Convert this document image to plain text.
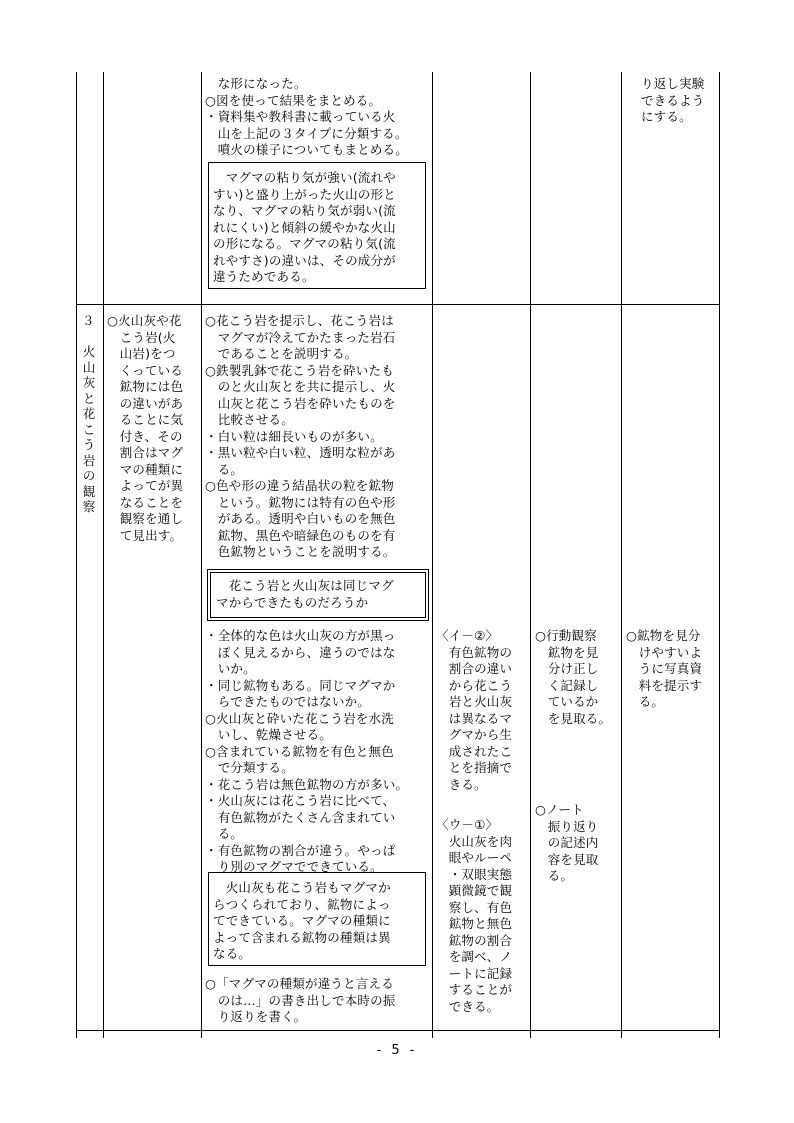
　な形になった。
○図を使って結果をまとめる。
・資料集や教科書に載っている火
　山を上記の３タイプに分類する。
　噴火の様子についてもまとめる。
　マグマの粘り気が強い(流れや
すい)と盛り上がった火山の形と
なり、マグマの粘り気が弱い(流
れにくい)と傾斜の緩やかな火山
の形になる。マグマの粘り気(流
れやすさ)の違いは、その成分が
違うためである。
り返し実験
できるよう
にする。
３
火山灰と花こう岩の観察
○火山灰や花
　こう岩(火
　山岩)をつ
　くっている
　鉱物には色
　の違いがあ
　ることに気
　付き、その
　割合はマグ
　マの種類に
　よってが異
　なることを
　観察を通し
　て見出す。
○花こう岩を提示し、花こう岩は
　マグマが冷えてかたまった岩石
　であることを説明する。
○鉄製乳鉢で花こう岩を砕いたも
　のと火山灰とを共に提示し、火
　山灰と花こう岩を砕いたものを
　比較させる。
・白い粒は細長いものが多い。
・黒い粒や白い粒、透明な粒があ
　る。
○色や形の違う結晶状の粒を鉱物
　という。鉱物には特有の色や形
　がある。透明や白いものを無色
　鉱物、黒色や暗緑色のものを有
　色鉱物ということを説明する。
　花こう岩と火山灰は同じマグ
マからできたものだろうか
・全体的な色は火山灰の方が黒っ
　ぽく見えるから、違うのではな
　いか。
・同じ鉱物もある。同じマグマか
　らできたものではないか。
○火山灰と砕いた花こう岩を水洗
　いし、乾燥させる。
○含まれている鉱物を有色と無色
　で分類する。
・花こう岩は無色鉱物の方が多い。
・火山灰には花こう岩に比べて、
　有色鉱物がたくさん含まれてい
　る。
・有色鉱物の割合が違う。やっぱ
　り別のマグマでできている。
　火山灰も花こう岩もマグマか
らつくられており、鉱物によっ
てできている。マグマの種類に
よって含まれる鉱物の種類は異
なる。
○「マグマの種類が違うと言える
　のは…」の書き出しで本時の振
　り返りを書く。
〈イ－②〉
　有色鉱物の
　割合の違い
　から花こう
　岩と火山灰
　は異なるマ
　グマから生
　成されたこ
　とを指摘で
　きる。
〈ウ－①〉
　火山灰を肉
　眼やルーペ
　・双眼実態
　顕微鏡で観
　察し、有色
　鉱物と無色
　鉱物の割合
　を調べ、ノ
　ートに記録
　することが
　できる。
○行動観察
　鉱物を見
　分け正し
　く記録し
　ているか
　を見取る。
○ノート
　振り返り
　の記述内
　容を見取
　る。
○鉱物を見分
　けやすいよ
　うに写真資
　料を提示す
　る。
- 5 -
